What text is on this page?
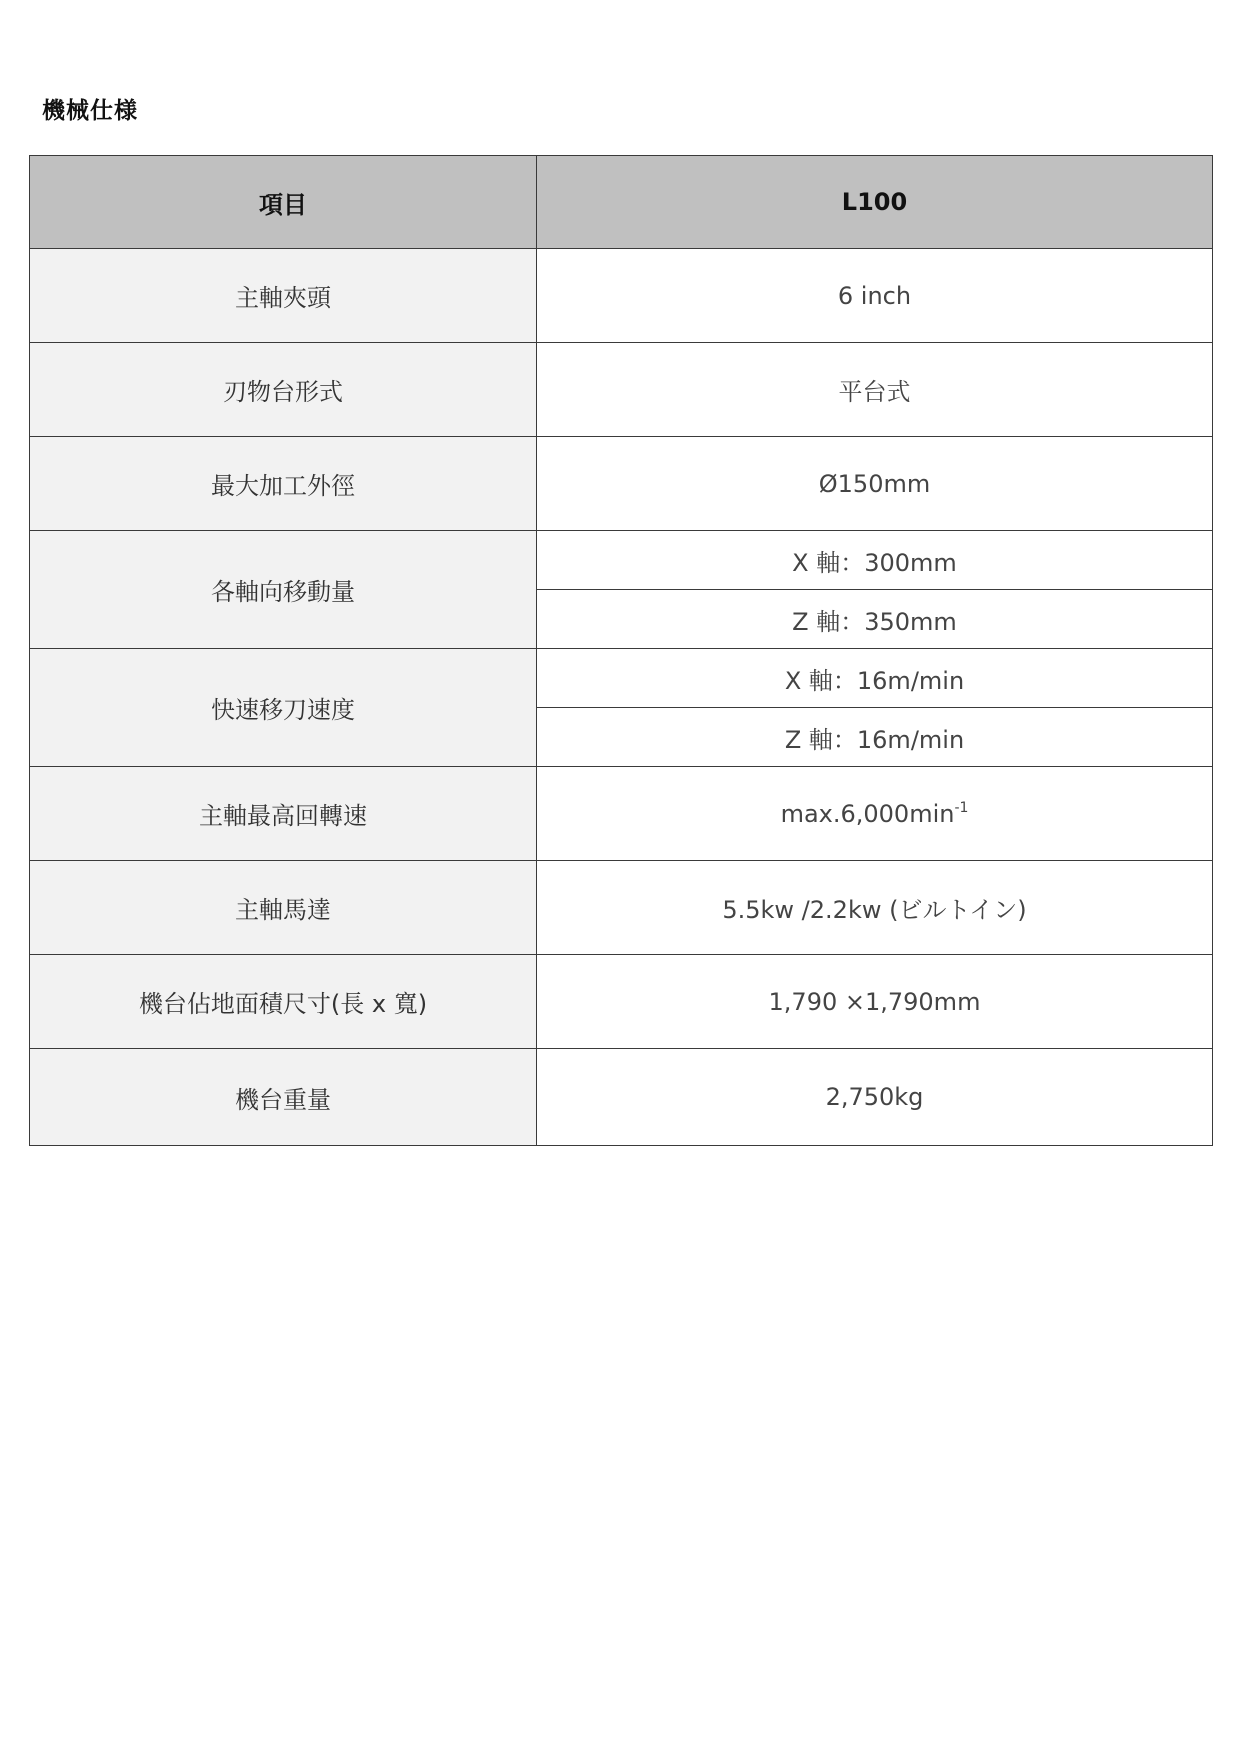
機械仕様
項目	L100
主軸夾頭	6 inch
刃物台形式	平台式
最大加工外徑	Ø150mm
各軸向移動量	X 軸：300mm
	Z 軸：350mm
快速移刀速度	X 軸：16m/min
	Z 軸：16m/min
主軸最高回轉速	$\max.6,000\min^{-1}$
主軸馬達	5.5kw /2.2kw (ビルトイン)
機台佔地面積尺寸(長 x 寬)	1,790 ×1,790mm
機台重量	2,750kg
